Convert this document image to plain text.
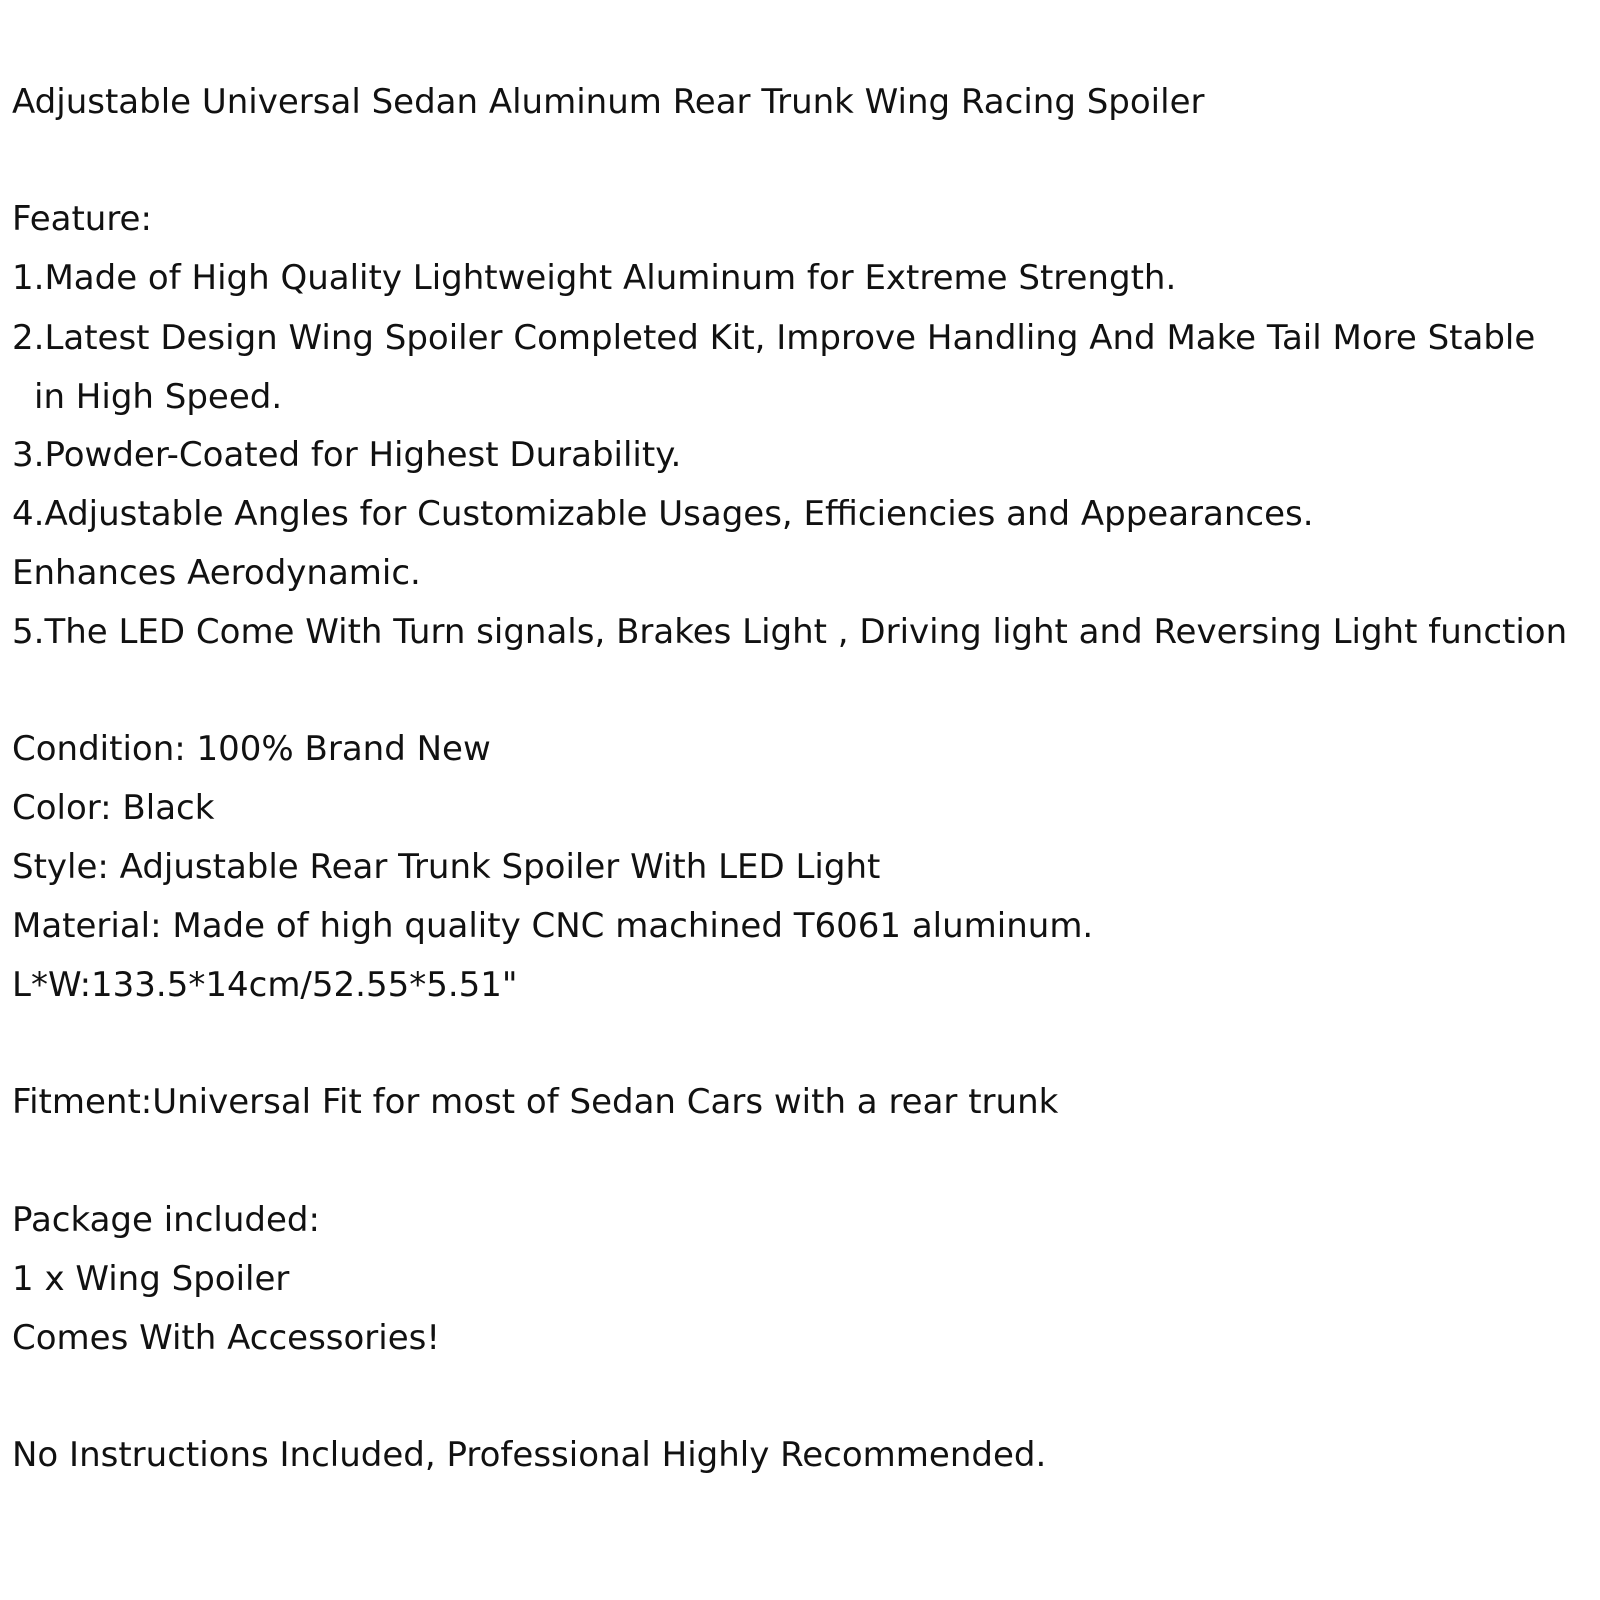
Adjustable Universal Sedan Aluminum Rear Trunk Wing Racing Spoiler
Feature:
1.Made of High Quality Lightweight Aluminum for Extreme Strength.
2.Latest Design Wing Spoiler Completed Kit, Improve Handling And Make Tail More Stable
in High Speed.
3.Powder-Coated for Highest Durability.
4.Adjustable Angles for Customizable Usages, Efficiencies and Appearances.
Enhances Aerodynamic.
5.The LED Come With Turn signals, Brakes Light , Driving light and Reversing Light function
Condition: 100% Brand New
Color: Black
Style: Adjustable Rear Trunk Spoiler With LED Light
Material: Made of high quality CNC machined T6061 aluminum.
L*W:133.5*14cm/52.55*5.51"
Fitment:Universal Fit for most of Sedan Cars with a rear trunk
Package included:
1 x Wing Spoiler
Comes With Accessories!
No Instructions Included, Professional Highly Recommended.
